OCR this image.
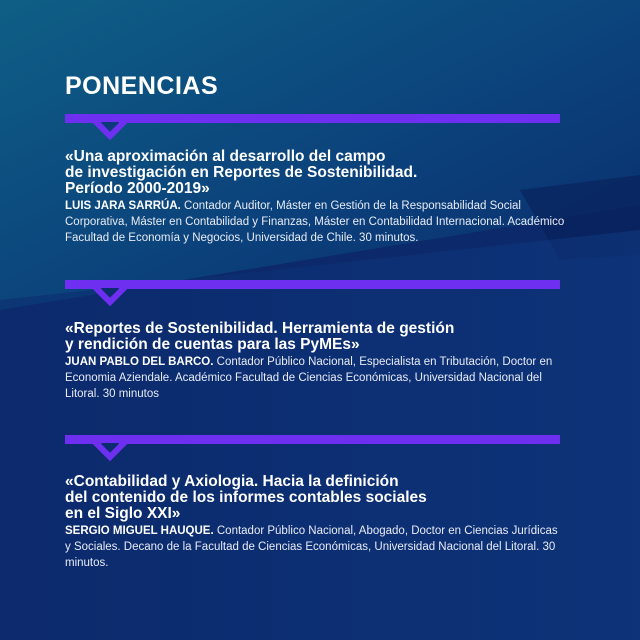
PONENCIAS
«Una aproximación al desarrollo del campo
de investigación en Reportes de Sostenibilidad.
Período 2000-2019»

LUIS JARA SARRÚA. Contador Auditor, Máster en Gestión de la Responsabilidad Social Corporativa, Máster en Contabilidad y Finanzas, Máster en Contabilidad Internacional. Académico Facultad de Economía y Negocios, Universidad de Chile. 30 minutos.

«Reportes de Sostenibilidad. Herramienta de gestión
y rendición de cuentas para las PyMEs»

JUAN PABLO DEL BARCO. Contador Público Nacional, Especialista en Tributación, Doctor en Economia Aziendale. Académico Facultad de Ciencias Económicas, Universidad Nacional del Litoral. 30 minutos

«Contabilidad y Axiologia. Hacia la definición
del contenido de los informes contables sociales
en el Siglo XXI»

SERGIO MIGUEL HAUQUE. Contador Público Nacional, Abogado, Doctor en Ciencias Jurídicas y Sociales. Decano de la Facultad de Ciencias Económicas, Universidad Nacional del Litoral. 30 minutos.
